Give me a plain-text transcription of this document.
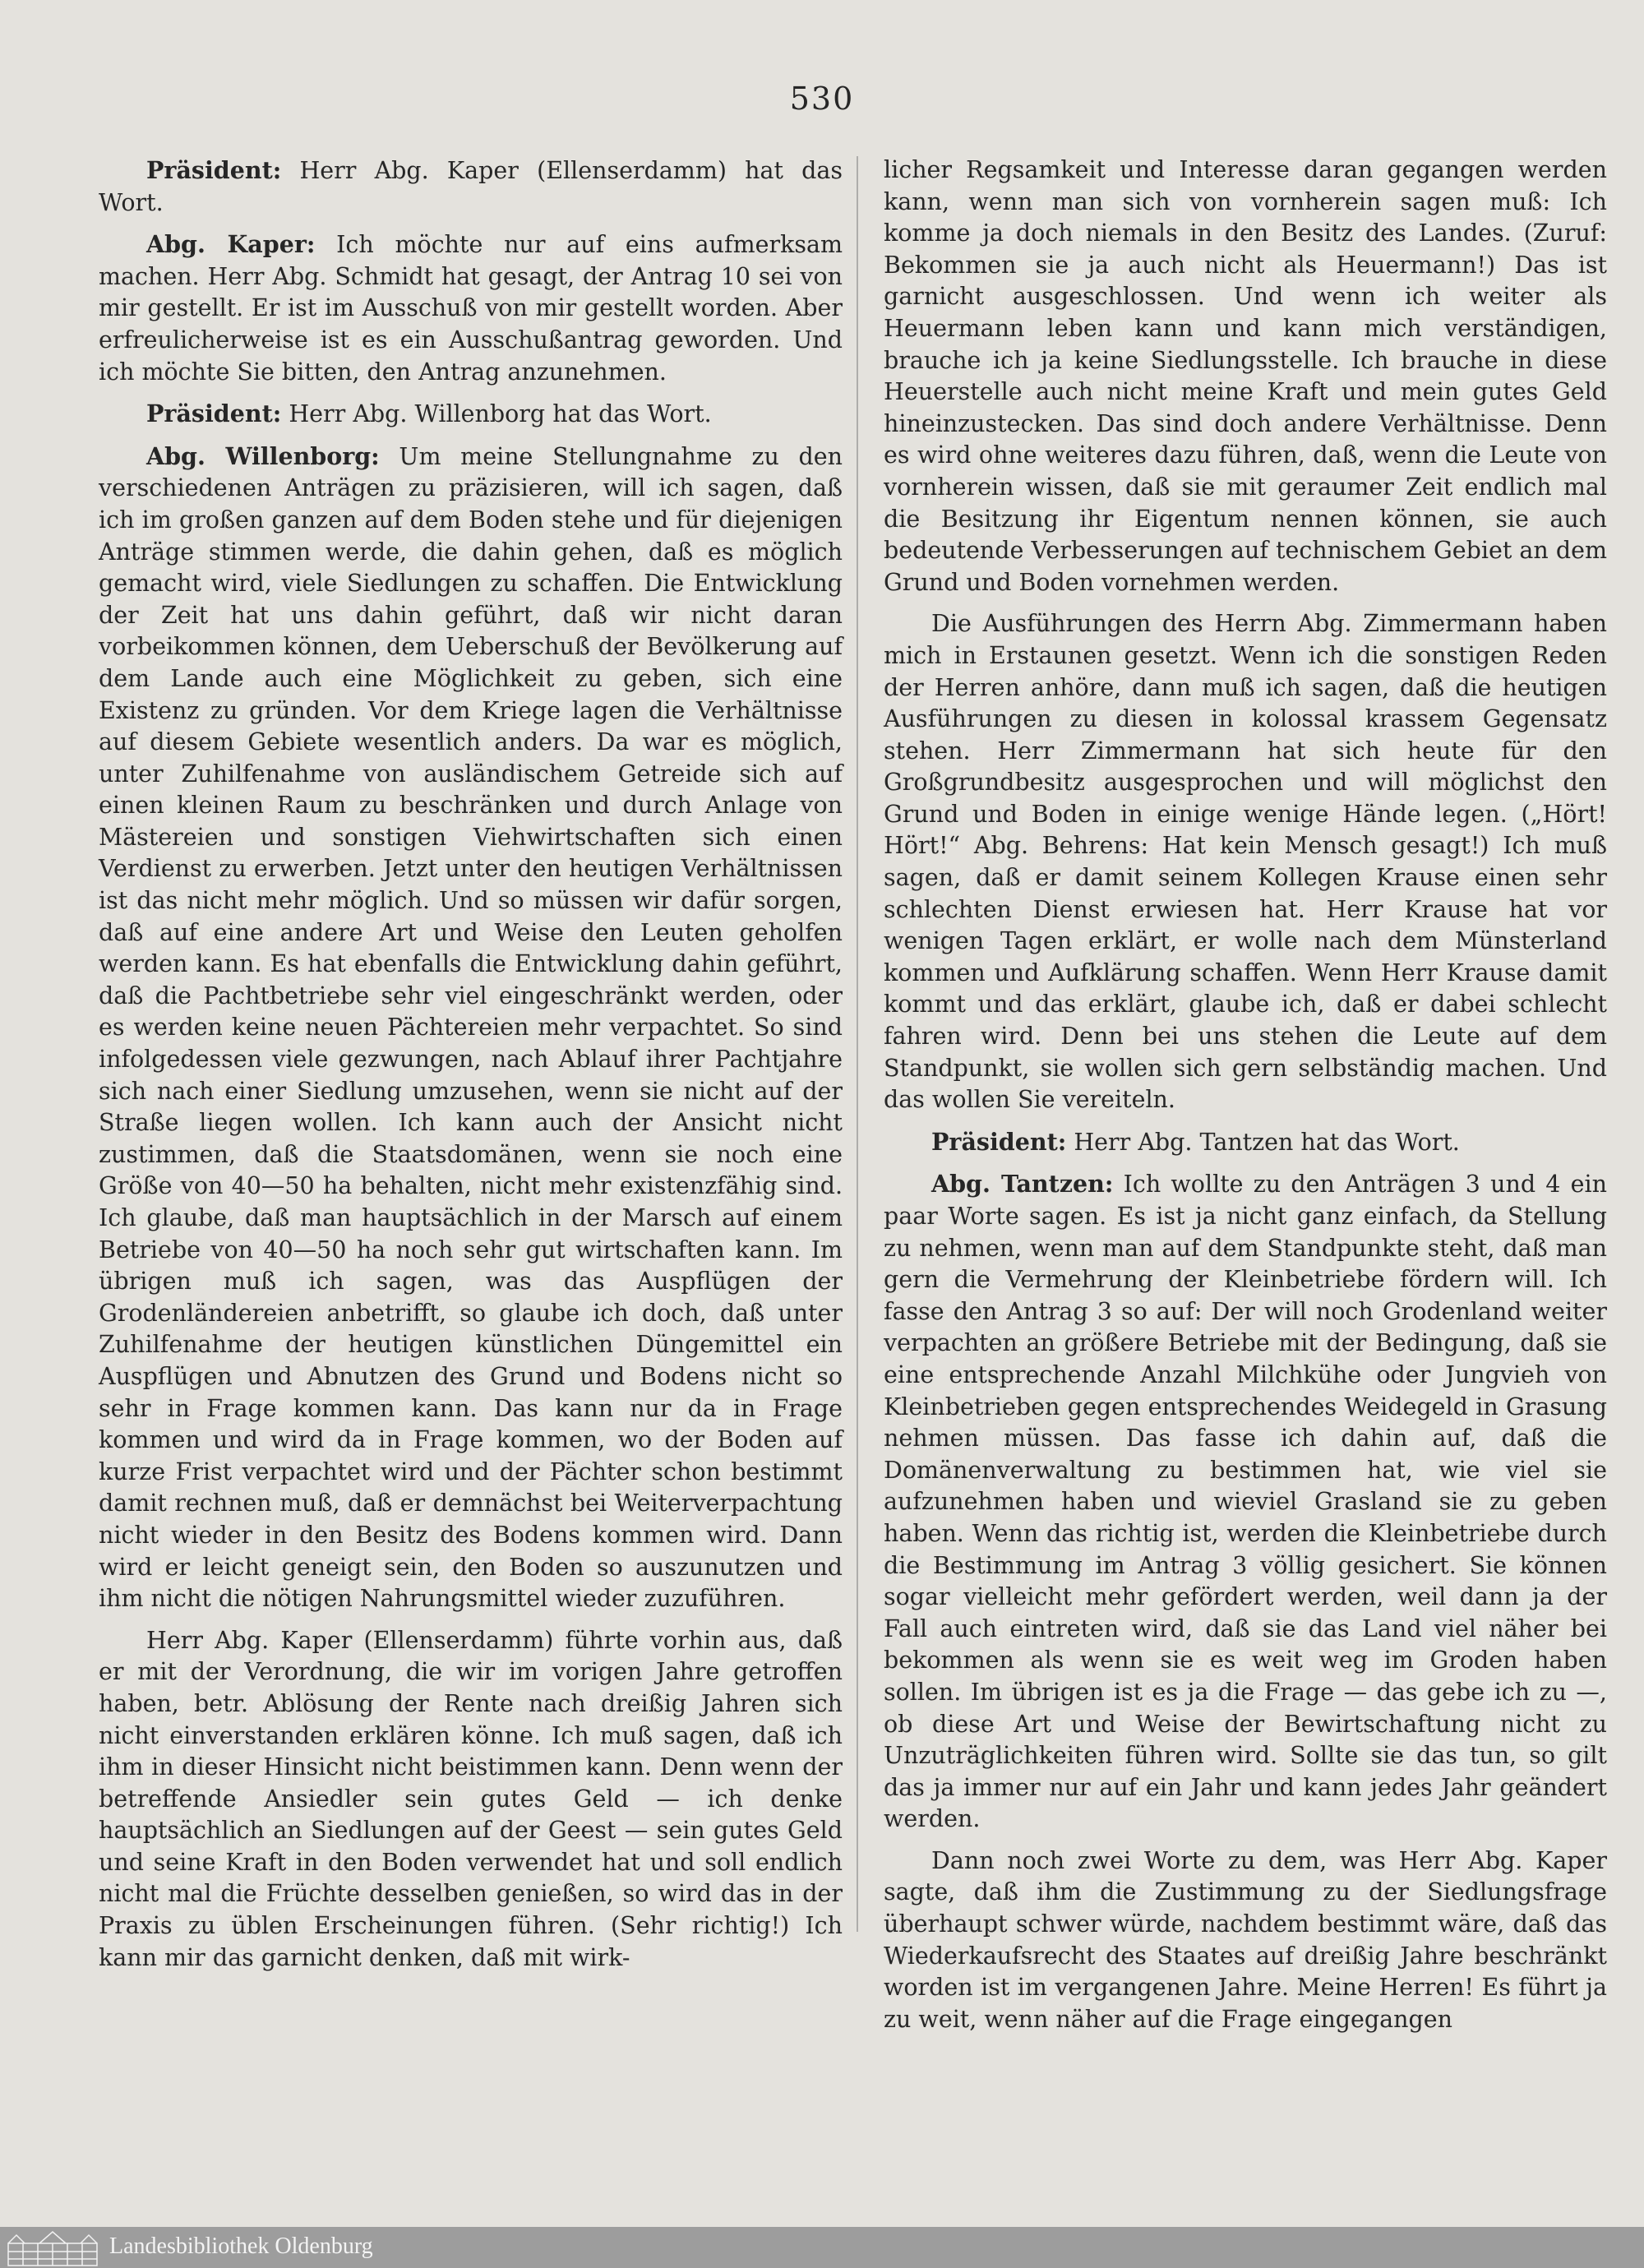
530

Präsident: Herr Abg. Kaper (Ellenserdamm) hat das Wort.

Abg. Kaper: Ich möchte nur auf eins aufmerksam machen. Herr Abg. Schmidt hat gesagt, der Antrag 10 sei von mir gestellt. Er ist im Ausschuß von mir gestellt worden. Aber erfreulicherweise ist es ein Ausschußantrag geworden. Und ich möchte Sie bitten, den Antrag anzunehmen.

Präsident: Herr Abg. Willenborg hat das Wort.

Abg. Willenborg: Um meine Stellungnahme zu den verschiedenen Anträgen zu präzisieren, will ich sagen, daß ich im großen ganzen auf dem Boden stehe und für diejenigen Anträge stimmen werde, die dahin gehen, daß es möglich gemacht wird, viele Siedlungen zu schaffen. Die Entwicklung der Zeit hat uns dahin geführt, daß wir nicht daran vorbeikommen können, dem Ueberschuß der Bevölkerung auf dem Lande auch eine Möglichkeit zu geben, sich eine Existenz zu gründen. Vor dem Kriege lagen die Verhältnisse auf diesem Gebiete wesentlich anders. Da war es möglich, unter Zuhilfenahme von ausländischem Getreide sich auf einen kleinen Raum zu beschränken und durch Anlage von Mästereien und sonstigen Viehwirtschaften sich einen Verdienst zu erwerben. Jetzt unter den heutigen Verhältnissen ist das nicht mehr möglich. Und so müssen wir dafür sorgen, daß auf eine andere Art und Weise den Leuten geholfen werden kann. Es hat ebenfalls die Entwicklung dahin geführt, daß die Pachtbetriebe sehr viel eingeschränkt werden, oder es werden keine neuen Pächtereien mehr verpachtet. So sind infolgedessen viele gezwungen, nach Ablauf ihrer Pachtjahre sich nach einer Siedlung umzusehen, wenn sie nicht auf der Straße liegen wollen. Ich kann auch der Ansicht nicht zustimmen, daß die Staatsdomänen, wenn sie noch eine Größe von 40—50 ha behalten, nicht mehr existenzfähig sind. Ich glaube, daß man hauptsächlich in der Marsch auf einem Betriebe von 40—50 ha noch sehr gut wirtschaften kann. Im übrigen muß ich sagen, was das Auspflügen der Grodenländereien anbetrifft, so glaube ich doch, daß unter Zuhilfenahme der heutigen künstlichen Düngemittel ein Auspflügen und Abnutzen des Grund und Bodens nicht so sehr in Frage kommen kann. Das kann nur da in Frage kommen und wird da in Frage kommen, wo der Boden auf kurze Frist verpachtet wird und der Pächter schon bestimmt damit rechnen muß, daß er demnächst bei Weiterverpachtung nicht wieder in den Besitz des Bodens kommen wird. Dann wird er leicht geneigt sein, den Boden so auszunutzen und ihm nicht die nötigen Nahrungsmittel wieder zuzuführen.

Herr Abg. Kaper (Ellenserdamm) führte vorhin aus, daß er mit der Verordnung, die wir im vorigen Jahre getroffen haben, betr. Ablösung der Rente nach dreißig Jahren sich nicht einverstanden erklären könne. Ich muß sagen, daß ich ihm in dieser Hinsicht nicht beistimmen kann. Denn wenn der betreffende Ansiedler sein gutes Geld — ich denke hauptsächlich an Siedlungen auf der Geest — sein gutes Geld und seine Kraft in den Boden verwendet hat und soll endlich nicht mal die Früchte desselben genießen, so wird das in der Praxis zu üblen Erscheinungen führen. (Sehr richtig!) Ich kann mir das garnicht denken, daß mit wirk-

licher Regsamkeit und Interesse daran gegangen werden kann, wenn man sich von vornherein sagen muß: Ich komme ja doch niemals in den Besitz des Landes. (Zuruf: Bekommen sie ja auch nicht als Heuermann!) Das ist garnicht ausgeschlossen. Und wenn ich weiter als Heuermann leben kann und kann mich verständigen, brauche ich ja keine Siedlungsstelle. Ich brauche in diese Heuerstelle auch nicht meine Kraft und mein gutes Geld hineinzustecken. Das sind doch andere Verhältnisse. Denn es wird ohne weiteres dazu führen, daß, wenn die Leute von vornherein wissen, daß sie mit geraumer Zeit endlich mal die Besitzung ihr Eigentum nennen können, sie auch bedeutende Verbesserungen auf technischem Gebiet an dem Grund und Boden vornehmen werden.

Die Ausführungen des Herrn Abg. Zimmermann haben mich in Erstaunen gesetzt. Wenn ich die sonstigen Reden der Herren anhöre, dann muß ich sagen, daß die heutigen Ausführungen zu diesen in kolossal krassem Gegensatz stehen. Herr Zimmermann hat sich heute für den Großgrundbesitz ausgesprochen und will möglichst den Grund und Boden in einige wenige Hände legen. („Hört! Hört!“ Abg. Behrens: Hat kein Mensch gesagt!) Ich muß sagen, daß er damit seinem Kollegen Krause einen sehr schlechten Dienst erwiesen hat. Herr Krause hat vor wenigen Tagen erklärt, er wolle nach dem Münsterland kommen und Aufklärung schaffen. Wenn Herr Krause damit kommt und das erklärt, glaube ich, daß er dabei schlecht fahren wird. Denn bei uns stehen die Leute auf dem Standpunkt, sie wollen sich gern selbständig machen. Und das wollen Sie vereiteln.

Präsident: Herr Abg. Tantzen hat das Wort.

Abg. Tantzen: Ich wollte zu den Anträgen 3 und 4 ein paar Worte sagen. Es ist ja nicht ganz einfach, da Stellung zu nehmen, wenn man auf dem Standpunkte steht, daß man gern die Vermehrung der Kleinbetriebe fördern will. Ich fasse den Antrag 3 so auf: Der will noch Grodenland weiter verpachten an größere Betriebe mit der Bedingung, daß sie eine entsprechende Anzahl Milchkühe oder Jungvieh von Kleinbetrieben gegen entsprechendes Weidegeld in Grasung nehmen müssen. Das fasse ich dahin auf, daß die Domänenverwaltung zu bestimmen hat, wie viel sie aufzunehmen haben und wieviel Grasland sie zu geben haben. Wenn das richtig ist, werden die Kleinbetriebe durch die Bestimmung im Antrag 3 völlig gesichert. Sie können sogar vielleicht mehr gefördert werden, weil dann ja der Fall auch eintreten wird, daß sie das Land viel näher bei bekommen als wenn sie es weit weg im Groden haben sollen. Im übrigen ist es ja die Frage — das gebe ich zu —, ob diese Art und Weise der Bewirtschaftung nicht zu Unzuträglichkeiten führen wird. Sollte sie das tun, so gilt das ja immer nur auf ein Jahr und kann jedes Jahr geändert werden.

Dann noch zwei Worte zu dem, was Herr Abg. Kaper sagte, daß ihm die Zustimmung zu der Siedlungsfrage überhaupt schwer würde, nachdem bestimmt wäre, daß das Wiederkaufsrecht des Staates auf dreißig Jahre beschränkt worden ist im vergangenen Jahre. Meine Herren! Es führt ja zu weit, wenn näher auf die Frage eingegangen

Landesbibliothek Oldenburg
